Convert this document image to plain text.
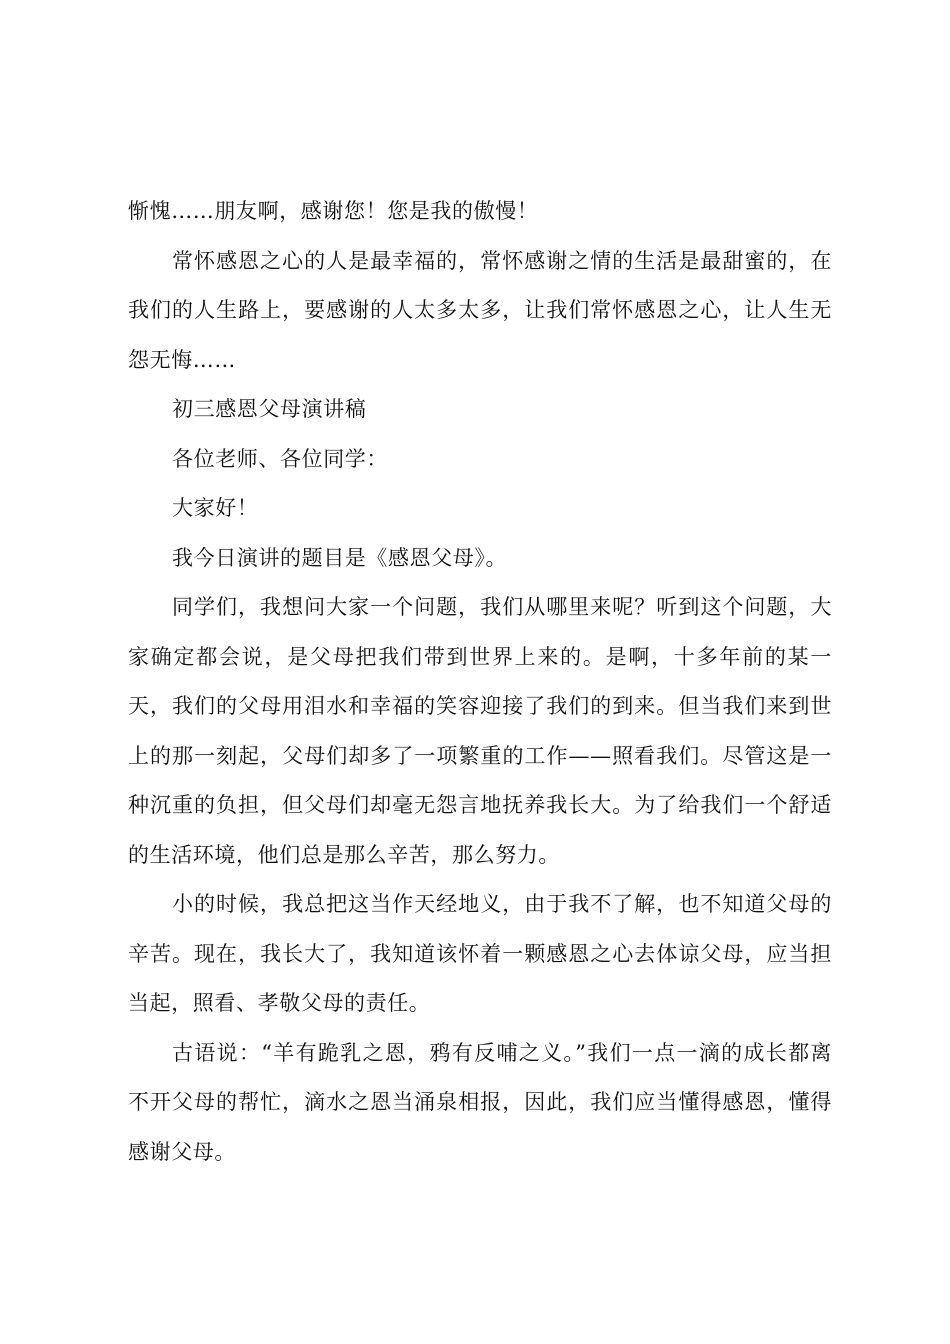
惭愧……朋友啊，感谢您！您是我的傲慢！

常怀感恩之心的人是最幸福的，常怀感谢之情的生活是最甜蜜的，在我们的人生路上，要感谢的人太多太多，让我们常怀感恩之心，让人生无怨无悔……

初三感恩父母演讲稿

各位老师、各位同学：

大家好！

我今日演讲的题目是《感恩父母》。

同学们，我想问大家一个问题，我们从哪里来呢？听到这个问题，大家确定都会说，是父母把我们带到世界上来的。是啊，十多年前的某一天，我们的父母用泪水和幸福的笑容迎接了我们的到来。但当我们来到世上的那一刻起，父母们却多了一项繁重的工作——照看我们。尽管这是一种沉重的负担，但父母们却毫无怨言地抚养我长大。为了给我们一个舒适的生活环境，他们总是那么辛苦，那么努力。

小的时候，我总把这当作天经地义，由于我不了解，也不知道父母的辛苦。现在，我长大了，我知道该怀着一颗感恩之心去体谅父母，应当担当起，照看、孝敬父母的责任。

古语说：“羊有跪乳之恩，鸦有反哺之义。”我们一点一滴的成长都离不开父母的帮忙，滴水之恩当涌泉相报，因此，我们应当懂得感恩，懂得感谢父母。
